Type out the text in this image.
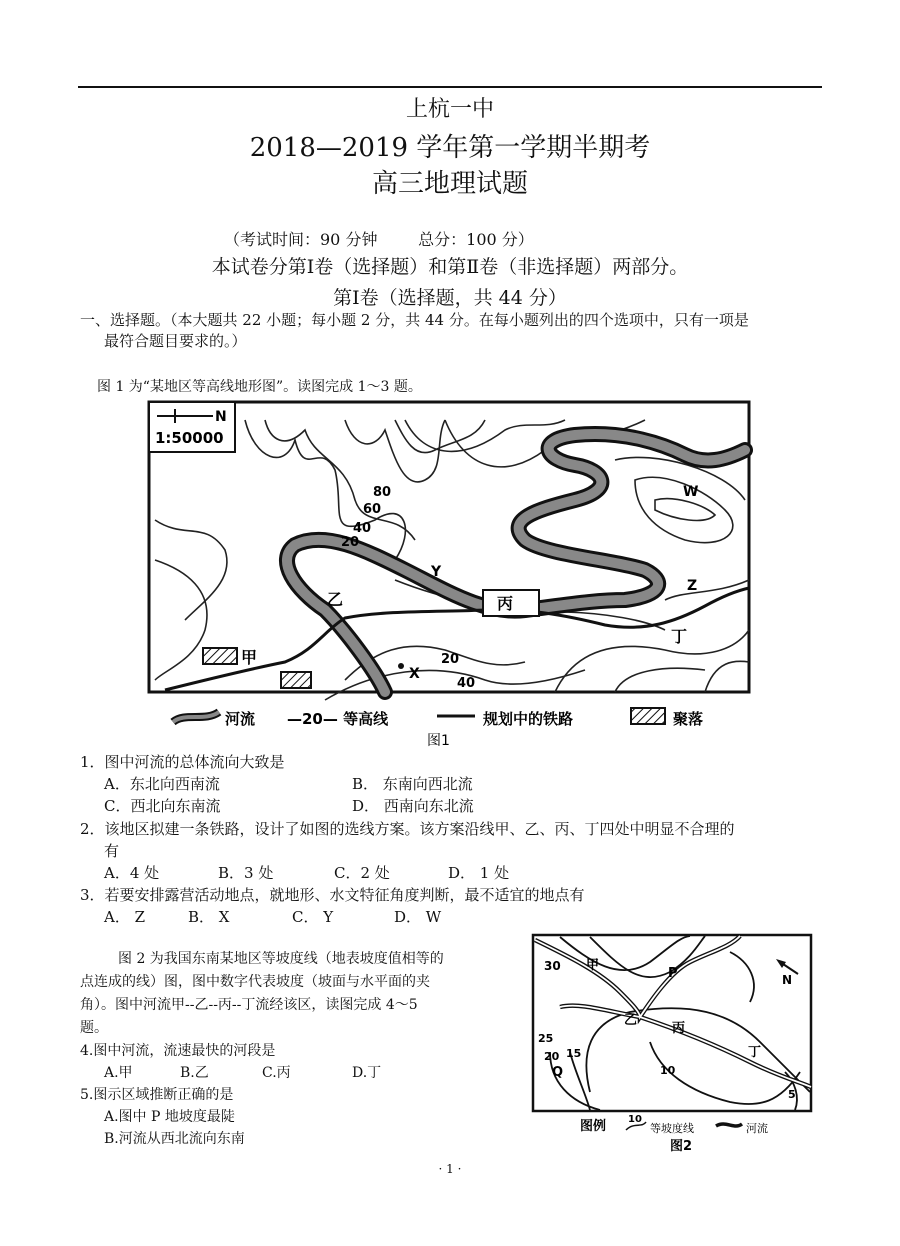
上杭一中
2018—2019 学年第一学期半期考
高三地理试题
（考试时间：90 分钟        总分：100 分）
本试卷分第Ⅰ卷（选择题）和第Ⅱ卷（非选择题）两部分。
第Ⅰ卷（选择题，共 44 分）
一、选择题。（本大题共 22 小题；每小题 2 分，共 44 分。在每小题列出的四个选项中，只有一项是
最符合题目要求的。）
图 1 为“某地区等高线地形图”。读图完成 1～3 题。
N
1:50000
80
60
40
20
20
40
甲
乙	丙
丁
W
Z
Y
X
河流 —20— 等高线	规划中的铁路	聚落
图1
1．图中河流的总体流向大致是
A．东北向西南流	B． 东南向西北流
C．西北向东南流	D． 西南向东北流
2．该地区拟建一条铁路，设计了如图的选线方案。该方案沿线甲、乙、丙、丁四处中明显不合理的
有
A．4 处	B．3 处	C．2 处	D． 1 处
3．若要安排露营活动地点，就地形、水文特征角度判断，最不适宜的地点有
A． Z	B． X	C． Y	D． W
图 2 为我国东南某地区等坡度线（地表坡度值相等的
点连成的线）图，图中数字代表坡度（坡面与水平面的夹
角）。图中河流甲--乙--丙--丁流经该区，读图完成 4～5
题。
4.图中河流，流速最快的河段是
A.甲	B.乙	C.丙	D.丁
5.图示区域推断正确的是
A.图中 P 地坡度最陡
B.河流从西北流向东南
30 甲
P	N
乙
丙
丁
25
20 15
Q	10
5
图例 10
等坡度线	河流
图2
· 1 ·
